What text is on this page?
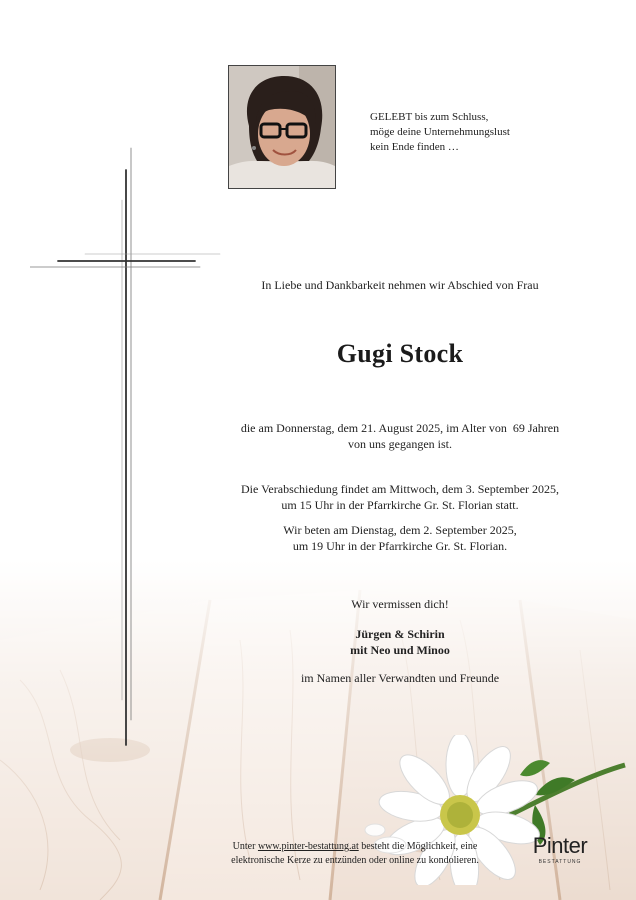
GELEBT bis zum Schluss,
möge deine Unternehmungslust
kein Ende finden …
In Liebe und Dankbarkeit nehmen wir Abschied von Frau
Gugi Stock
die am Donnerstag, dem 21. August 2025, im Alter von  69 Jahren
von uns gegangen ist.
Die Verabschiedung findet am Mittwoch, dem 3. September 2025,
um 15 Uhr in der Pfarrkirche Gr. St. Florian statt.
Wir beten am Dienstag, dem 2. September 2025,
um 19 Uhr in der Pfarrkirche Gr. St. Florian.
Wir vermissen dich!
Jürgen & Schirin
mit Neo und Minoo
im Namen aller Verwandten und Freunde
Unter www.pinter-bestattung.at besteht die Möglichkeit, eine
elektronische Kerze zu entzünden oder online zu kondolieren.
Pinter
BESTATTUNG
